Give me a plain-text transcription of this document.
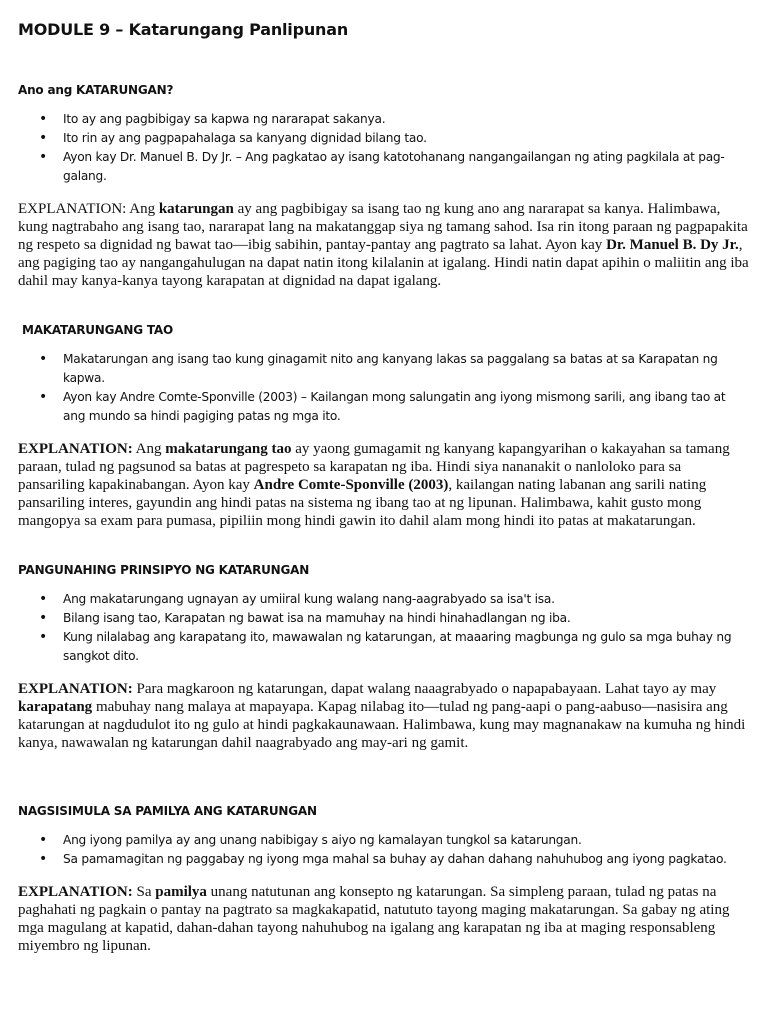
MODULE 9 – Katarungang Panlipunan
Ano ang KATARUNGAN?
• Ito ay ang pagbibigay sa kapwa ng nararapat sakanya.
• Ito rin ay ang pagpapahalaga sa kanyang dignidad bilang tao.
• Ayon kay Dr. Manuel B. Dy Jr. – Ang pagkatao ay isang katotohanang nangangailangan ng ating pagkilala at pag-galang.

EXPLANATION: Ang katarungan ay ang pagbibigay sa isang tao ng kung ano ang nararapat sa kanya. Halimbawa, kung nagtrabaho ang isang tao, nararapat lang na makatanggap siya ng tamang sahod. Isa rin itong paraan ng pagpapakita ng respeto sa dignidad ng bawat tao—ibig sabihin, pantay-pantay ang pagtrato sa lahat. Ayon kay Dr. Manuel B. Dy Jr., ang pagiging tao ay nangangahulugan na dapat natin itong kilalanin at igalang. Hindi natin dapat apihin o maliitin ang iba dahil may kanya-kanya tayong karapatan at dignidad na dapat igalang.

MAKATARUNGANG TAO
• Makatarungan ang isang tao kung ginagamit nito ang kanyang lakas sa paggalang sa batas at sa Karapatan ng kapwa.
• Ayon kay Andre Comte-Sponville (2003) – Kailangan mong salungatin ang iyong mismong sarili, ang ibang tao at ang mundo sa hindi pagiging patas ng mga ito.

EXPLANATION: Ang makatarungang tao ay yaong gumagamit ng kanyang kapangyarihan o kakayahan sa tamang paraan, tulad ng pagsunod sa batas at pagrespeto sa karapatan ng iba. Hindi siya nananakit o nanloloko para sa pansariling kapakinabangan. Ayon kay Andre Comte-Sponville (2003), kailangan nating labanan ang sarili nating pansariling interes, gayundin ang hindi patas na sistema ng ibang tao at ng lipunan. Halimbawa, kahit gusto mong mangopya sa exam para pumasa, pipiliin mong hindi gawin ito dahil alam mong hindi ito patas at makatarungan.

PANGUNAHING PRINSIPYO NG KATARUNGAN
• Ang makatarungang ugnayan ay umiiral kung walang nang-aagrabyado sa isa't isa.
• Bilang isang tao, Karapatan ng bawat isa na mamuhay na hindi hinahadlangan ng iba.
• Kung nilalabag ang karapatang ito, mawawalan ng katarungan, at maaaring magbunga ng gulo sa mga buhay ng sangkot dito.

EXPLANATION: Para magkaroon ng katarungan, dapat walang naaagrabyado o napapabayaan. Lahat tayo ay may karapatang mabuhay nang malaya at mapayapa. Kapag nilabag ito—tulad ng pang-aapi o pang-aabuso—nasisira ang katarungan at nagdudulot ito ng gulo at hindi pagkakaunawaan. Halimbawa, kung may magnanakaw na kumuha ng hindi kanya, nawawalan ng katarungan dahil naagrabyado ang may-ari ng gamit.

NAGSISIMULA SA PAMILYA ANG KATARUNGAN
• Ang iyong pamilya ay ang unang nabibigay s aiyo ng kamalayan tungkol sa katarungan.
• Sa pamamagitan ng paggabay ng iyong mga mahal sa buhay ay dahan dahang nahuhubog ang iyong pagkatao.

EXPLANATION: Sa pamilya unang natutunan ang konsepto ng katarungan. Sa simpleng paraan, tulad ng patas na paghahati ng pagkain o pantay na pagtrato sa magkakapatid, natututo tayong maging makatarungan. Sa gabay ng ating mga magulang at kapatid, dahan-dahan tayong nahuhubog na igalang ang karapatan ng iba at maging responsableng miyembro ng lipunan.
